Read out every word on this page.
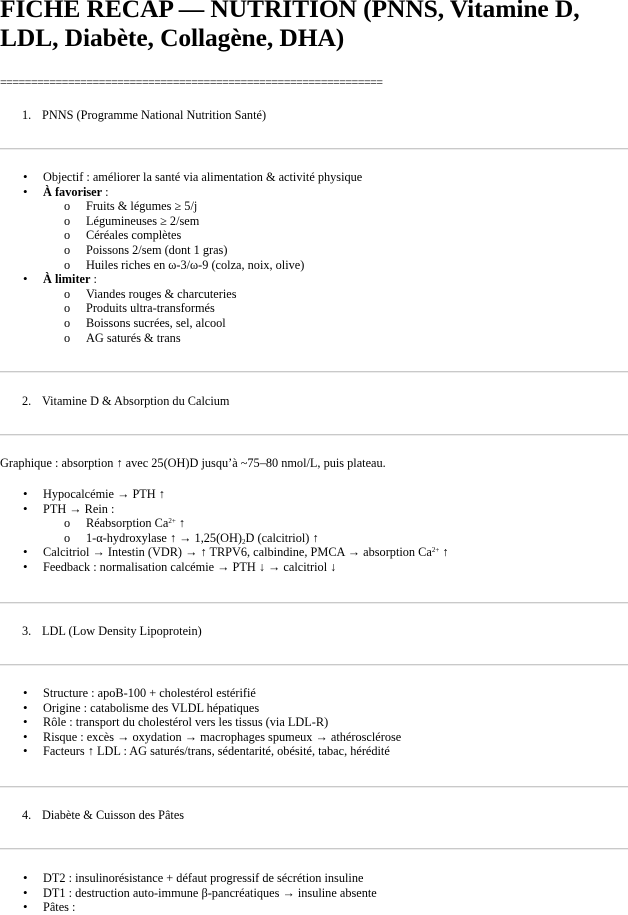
FICHE RECAP — NUTRITION (PNNS, Vitamine D, LDL, Diabète, Collagène, DHA)
==============================================================
1. PNNS (Programme National Nutrition Santé)
• Objectif : améliorer la santé via alimentation & activité physique
• À favoriser :
o Fruits & légumes ≥ 5/j
o Légumineuses ≥ 2/sem
o Céréales complètes
o Poissons 2/sem (dont 1 gras)
o Huiles riches en ω-3/ω-9 (colza, noix, olive)
• À limiter :
o Viandes rouges & charcuteries
o Produits ultra-transformés
o Boissons sucrées, sel, alcool
o AG saturés & trans
2. Vitamine D & Absorption du Calcium
Graphique : absorption ↑ avec 25(OH)D jusqu’à ~75–80 nmol/L, puis plateau.
• Hypocalcémie → PTH ↑
• PTH → Rein :
o Réabsorption $Ca^{2+}$ ↑
o 1-α-hydroxylase ↑ → $1,25(OH)_2D$ (calcitriol) ↑
• Calcitriol → Intestin (VDR) → ↑ TRPV6, calbindine, PMCA → absorption $Ca^{2+}$ ↑
• Feedback : normalisation calcémie → PTH ↓ → calcitriol ↓
3. LDL (Low Density Lipoprotein)
• Structure : apoB-100 + cholestérol estérifié
• Origine : catabolisme des VLDL hépatiques
• Rôle : transport du cholestérol vers les tissus (via LDL-R)
• Risque : excès → oxydation → macrophages spumeux → athérosclérose
• Facteurs ↑ LDL : AG saturés/trans, sédentarité, obésité, tabac, hérédité
4. Diabète & Cuisson des Pâtes
• DT2 : insulinorésistance + défaut progressif de sécrétion insuline
• DT1 : destruction auto-immune β-pancréatiques → insuline absente
• Pâtes :
